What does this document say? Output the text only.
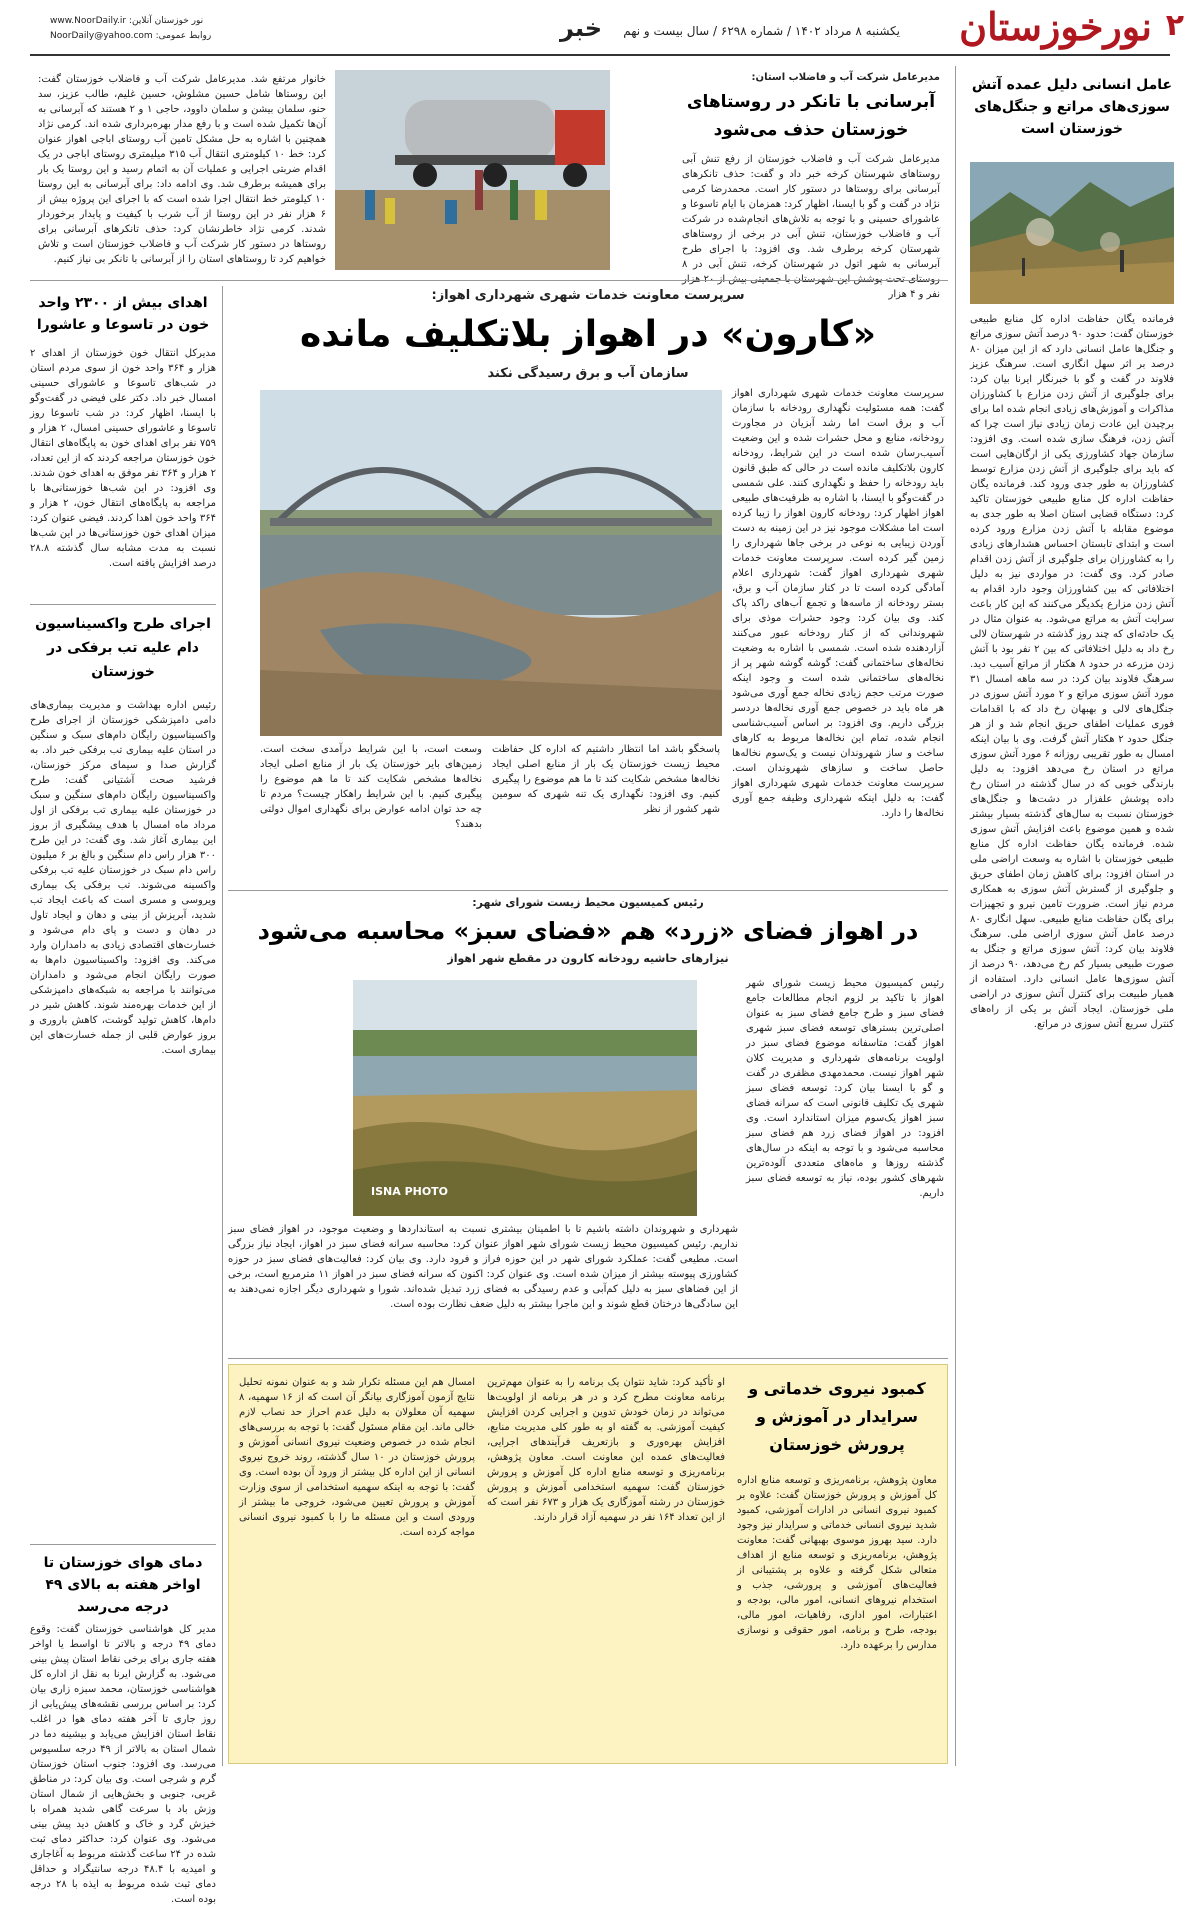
۲
نورخوزستان
یکشنبه ۸ مرداد ۱۴۰۲ / شماره ۶۲۹۸ / سال بیست و نهم
خبر
نور خوزستان آنلاین: www.NoorDaily.ir
روابط عمومی: NoorDaily@yahoo.com
عامل انسانی دلیل عمده آتش سوزی‌های مراتع و جنگل‌های خوزستان است
فرمانده یگان حفاظت اداره کل منابع طبیعی خوزستان گفت: حدود ۹۰ درصد آتش سوزی مراتع و جنگل‌ها عامل انسانی دارد که از این میزان ۸۰ درصد بر اثر سهل انگاری است. سرهنگ عزیز فلاوند در گفت و گو با خبرنگار ایرنا بیان کرد: برای جلوگیری از آتش زدن مزارع با کشاورزان مذاکرات و آموزش‌های زیادی انجام شده اما برای برچیدن این عادت زمان زیادی نیاز است چرا که آتش زدن، فرهنگ سازی شده است. وی افزود: سازمان جهاد کشاورزی یکی از ارگان‌هایی است که باید برای جلوگیری از آتش زدن مزارع توسط کشاورزان به طور جدی ورود کند. فرمانده یگان حفاظت اداره کل منابع طبیعی خوزستان تاکید کرد: دستگاه قضایی استان اصلا به طور جدی به موضوع مقابله با آتش زدن مزارع ورود کرده است و ابتدای تابستان احساس هشدارهای زیادی را به کشاورزان برای جلوگیری از آتش زدن اقدام صادر کرد. وی گفت: در مواردی نیز به دلیل اختلافاتی که بین کشاورزان وجود دارد اقدام به آتش زدن مزارع یکدیگر می‌کنند که این کار باعث سرایت آتش به مراتع می‌شود. به عنوان مثال در یک حادثه‌ای که چند روز گذشته در شهرستان لالی رخ داد به دلیل اختلافاتی که بین ۲ نفر بود با آتش زدن مزرعه در حدود ۸ هکتار از مراتع آسیب دید. سرهنگ فلاوند بیان کرد: در سه ماهه امسال ۳۱ مورد آتش سوزی مراتع و ۲ مورد آتش سوزی در جنگل‌های لالی و بهبهان رخ داد که با اقدامات فوری عملیات اطفای حریق انجام شد و از هر جنگل حدود ۲ هکتار آتش گرفت. وی با بیان اینکه امسال به طور تقریبی روزانه ۶ مورد آتش سوزی مراتع در استان رخ می‌دهد افزود: به دلیل بارندگی خوبی که در سال گذشته در استان رخ داده پوشش علفزار در دشت‌ها و جنگل‌های خوزستان نسبت به سال‌های گذشته بسیار بیشتر شده و همین موضوع باعث افزایش آتش سوزی شده. فرمانده یگان حفاظت اداره کل منابع طبیعی خوزستان با اشاره به وسعت اراضی ملی در استان افزود: برای کاهش زمان اطفای حریق و جلوگیری از گسترش آتش سوزی به همکاری مردم نیاز است. ضرورت تامین نیرو و تجهیزات برای یگان حفاظت منابع طبیعی. سهل انگاری ۸۰ درصد عامل آتش سوزی اراضی ملی. سرهنگ فلاوند بیان کرد: آتش سوزی مراتع و جنگل به صورت طبیعی بسیار کم رخ می‌دهد، ۹۰ درصد از آتش سوزی‌ها عامل انسانی دارد. استفاده از همیار طبیعت برای کنترل آتش سوزی در اراضی ملی خوزستان. ایجاد آتش بر یکی از راه‌های کنترل سریع آتش سوزی در مراتع.
مدیرعامل شرکت آب و فاضلاب استان:
آبرسانی با تانکر در روستاهای خوزستان حذف می‌شود
مدیرعامل شرکت آب و فاضلاب خوزستان از رفع تنش آبی روستاهای شهرستان کرخه خبر داد و گفت: حذف تانکرهای آبرسانی برای روستاها در دستور کار است. محمدرضا کرمی نژاد در گفت و گو با ایسنا، اظهار کرد: همزمان با ایام تاسوعا و عاشورای حسینی و با توجه به تلاش‌های انجام‌شده در شرکت آب و فاضلاب خوزستان، تنش آبی در برخی از روستاهای شهرستان کرخه برطرف شد. وی افزود: با اجرای طرح آبرسانی به شهر اتول در شهرستان کرخه، تنش آبی در ۸ نفر و ۴ هزار
خانوار مرتفع شد. مدیرعامل شرکت آب و فاضلاب خوزستان گفت: این روستاها شامل حسین مشلوش، حسین غلیم، طالب عزیز، سد حنو، سلمان بیشن و سلمان داوود، حاجی ۱ و ۲ هستند که آبرسانی به آن‌ها تکمیل شده است و با رفع مدار بهره‌برداری شده اند. کرمی نژاد همچنین با اشاره به حل مشکل تامین آب روستای اباجی اهواز عنوان کرد: خط ۱۰ کیلومتری انتقال آب ۳۱۵ میلیمتری روستای اباجی در یک اقدام ضربتی اجرایی و عملیات آن به اتمام رسید و این روستا یک بار برای همیشه برطرف شد. وی ادامه داد: برای آبرسانی به این روستا ۱۰ کیلومتر خط انتقال اجرا شده است که با اجرای این پروژه بیش از ۶ هزار نفر در این روستا از آب شرب با کیفیت و پایدار برخوردار شدند. کرمی نژاد خاطرنشان کرد: حذف تانکرهای آبرسانی برای روستاها در دستور کار شرکت آب و فاضلاب خوزستان است و تلاش خواهیم کرد تا روستاهای استان را از آبرسانی با تانکر بی نیاز کنیم.
اهدای بیش از ۲۳۰۰ واحد خون در تاسوعا و عاشورا
مدیرکل انتقال خون خوزستان از اهدای ۲ هزار و ۳۶۴ واحد خون از سوی مردم استان در شب‌های تاسوعا و عاشورای حسینی امسال خبر داد. دکتر علی فیضی در گفت‌وگو با ایسنا، اظهار کرد: در شب تاسوعا روز تاسوعا و عاشورای حسینی امسال، ۲ هزار و ۷۵۹ نفر برای اهدای خون به پایگاه‌های انتقال خون خوزستان مراجعه کردند که از این تعداد، ۲ هزار و ۳۶۴ نفر موفق به اهدای خون شدند. وی افزود: در این شب‌ها خوزستانی‌ها با مراجعه به پایگاه‌های انتقال خون، ۲ هزار و ۳۶۴ واحد خون اهدا کردند. فیضی عنوان کرد: میزان اهدای خون خوزستانی‌ها در این شب‌ها نسبت به مدت مشابه سال گذشته ۲۸.۸ درصد افزایش یافته است.
اجرای طرح واکسیناسیون دام علیه تب برفکی در خوزستان
رئیس اداره بهداشت و مدیریت بیماری‌های دامی دامپزشکی خوزستان از اجرای طرح واکسیناسیون رایگان دام‌های سبک و سنگین در استان علیه بیماری تب برفکی خبر داد. به گزارش صدا و سیمای مرکز خوزستان، فرشید صحت آشتیانی گفت: طرح واکسیناسیون رایگان دام‌های سنگین و سبک در خوزستان علیه بیماری تب برفکی از اول مرداد ماه امسال با هدف پیشگیری از بروز این بیماری آغاز شد. وی گفت: در این طرح ۳۰۰ هزار راس دام سنگین و بالغ بر ۶ میلیون راس دام سبک در خوزستان علیه تب برفکی واکسینه می‌شوند. تب برفکی یک بیماری ویروسی و مسری است که باعث ایجاد تب شدید، آبریزش از بینی و دهان و ایجاد تاول در دهان و دست و پای دام می‌شود و خسارت‌های اقتصادی زیادی به دامداران وارد می‌کند. وی افزود: واکسیناسیون دام‌ها به صورت رایگان انجام می‌شود و دامداران می‌توانند با مراجعه به شبکه‌های دامپزشکی از این خدمات بهره‌مند شوند. کاهش شیر در دام‌ها، کاهش تولید گوشت، کاهش باروری و بروز عوارض قلبی از جمله خسارت‌های این بیماری است.
دمای هوای خوزستان تا اواخر هفته به بالای ۴۹ درجه می‌رسد
مدیر کل هواشناسی خوزستان گفت: وقوع دمای ۴۹ درجه و بالاتر تا اواسط یا اواخر هفته جاری برای برخی نقاط استان پیش بینی می‌شود. به گزارش ایرنا به نقل از اداره کل هواشناسی خوزستان، محمد سبزه زاری بیان کرد: بر اساس بررسی نقشه‌های پیش‌یابی از روز جاری تا آخر هفته دمای هوا در اغلب نقاط استان افزایش می‌یابد و بیشینه دما در شمال استان به بالاتر از ۴۹ درجه سلسیوس می‌رسد. وی افزود: جنوب استان خوزستان گرم و شرجی است. وی بیان کرد: در مناطق غربی، جنوبی و بخش‌هایی از شمال استان وزش باد با سرعت گاهی شدید همراه با خیزش گرد و خاک و کاهش دید پیش بینی می‌شود. وی عنوان کرد: حداکثر دمای ثبت شده در ۲۴ ساعت گذشته مربوط به آغاجاری و امیدیه با ۴۸.۴ درجه سانتیگراد و حداقل دمای ثبت شده مربوط به ایذه با ۲۸ درجه بوده است.
سرپرست معاونت خدمات شهری شهرداری اهواز:
«کارون» در اهواز بلاتکلیف مانده
سازمان آب و برق رسیدگی نکند
سرپرست معاونت خدمات شهری شهرداری اهواز گفت: همه مسئولیت نگهداری رودخانه با سازمان آب و برق است اما رشد آبزیان در مجاورت رودخانه، منابع و محل حشرات شده و این وضعیت آسیب‌رسان شده است در این شرایط، رودخانه کارون بلاتکلیف مانده است در حالی که طبق قانون باید رودخانه را حفظ و نگهداری کنند. علی شمسی در گفت‌وگو با ایسنا، با اشاره به ظرفیت‌های طبیعی اهواز اظهار کرد: رودخانه کارون اهواز را زیبا کرده است اما مشکلات موجود نیز در این زمینه به دست آوردن زیبایی به نوعی در برخی جاها شهرداری را زمین گیر کرده است. سرپرست معاونت خدمات شهری شهرداری اهواز گفت: شهرداری اعلام آمادگی کرده است تا در کنار سازمان آب و برق، بستر رودخانه از ماسه‌ها و تجمع آب‌های راکد پاک کند. وی بیان کرد: وجود حشرات موذی برای شهروندانی که از کنار رودخانه عبور می‌کنند آزاردهنده شده است. شمسی با اشاره به وضعیت نخاله‌های ساختمانی گفت: گوشه گوشه شهر پر از نخاله‌های ساختمانی شده است و وجود اینکه صورت مرتب حجم زیادی نخاله جمع آوری می‌شود هر ماه باید در خصوص جمع آوری نخاله‌ها دردسر بزرگی داریم. وی افزود: بر اساس آسیب‌شناسی انجام شده، تمام این نخاله‌ها مربوط به کارهای ساخت و ساز شهروندان نیست و یک‌سوم نخاله‌ها حاصل ساخت و سازهای شهروندان است. سرپرست معاونت خدمات شهری شهرداری اهواز گفت: به دلیل اینکه شهرداری وظیفه جمع آوری نخاله‌ها را دارد.
پاسخگو باشد اما انتظار داشتیم که اداره کل حفاظت محیط زیست خوزستان یک بار از منابع اصلی ایجاد نخاله‌ها مشخص شکایت کند تا ما هم موضوع را پیگیری کنیم. وی افزود: نگهداری یک تنه شهری که سومین شهر کشور از نظر
وسعت است، با این شرایط درآمدی سخت است. زمین‌های بایر خوزستان یک بار از منابع اصلی ایجاد نخاله‌ها مشخص شکایت کند تا ما هم موضوع را پیگیری کنیم. با این شرایط راهکار چیست؟ مردم تا چه حد توان ادامه عوارض برای نگهداری اموال دولتی بدهند؟
رئیس کمیسیون محیط زیست شورای شهر:
در اهواز فضای «زرد» هم «فضای سبز» محاسبه می‌شود
نیزارهای حاشیه رودخانه کارون در مقطع شهر اهواز
رئیس کمیسیون محیط زیست شورای شهر اهواز با تاکید بر لزوم انجام مطالعات جامع فضای سبز و طرح جامع فضای سبز به عنوان اصلی‌ترین بسترهای توسعه فضای سبز شهری اهواز گفت: متاسفانه موضوع فضای سبز در اولویت برنامه‌های شهرداری و مدیریت کلان شهر اهواز نیست. محمدمهدی مظفری در گفت و گو با ایسنا بیان کرد: توسعه فضای سبز شهری یک تکلیف قانونی است که سرانه فضای سبز اهواز یک‌سوم میزان استاندارد است. وی افزود: در اهواز فضای زرد هم فضای سبز محاسبه می‌شود و با توجه به اینکه در سال‌های گذشته روزها و ماه‌های متعددی آلوده‌ترین شهرهای کشور بوده، نیاز به توسعه فضای سبز داریم.
ISNA PHOTO
شهرداری و شهروندان داشته باشیم تا با اطمینان بیشتری نسبت به استانداردها و وضعیت موجود، در اهواز فضای سبز نداریم. رئیس کمیسیون محیط زیست شورای شهر اهواز عنوان کرد: محاسبه سرانه فضای سبز در اهواز، ایجاد نیاز بزرگی است. مطیعی گفت: عملکرد شورای شهر در این حوزه فراز و فرود دارد. وی بیان کرد: فعالیت‌های فضای سبز در حوزه کشاورزی پیوسته بیشتر از میزان شده است. وی عنوان کرد: اکنون که سرانه فضای سبز در اهواز ۱۱ مترمربع است، برخی از این فضاهای سبز به دلیل کم‌آبی و عدم رسیدگی به فضای زرد تبدیل شده‌اند. شورا و شهرداری دیگر اجازه نمی‌دهند به این سادگی‌ها درختان قطع شوند و این ماجرا بیشتر به دلیل ضعف نظارت بوده است.
کمبود نیروی خدماتی و سرایدار در آموزش و پرورش خوزستان
معاون پژوهش، برنامه‌ریزی و توسعه منابع اداره کل آموزش و پرورش خوزستان گفت: علاوه بر کمبود نیروی انسانی در ادارات آموزشی، کمبود شدید نیروی انسانی خدماتی و سرایدار نیز وجود دارد. سید بهروز موسوی بهبهانی گفت: معاونت پژوهش، برنامه‌ریزی و توسعه منابع از اهداف متعالی شکل گرفته و علاوه بر پشتیبانی از فعالیت‌های آموزشی و پرورشی، جذب و استخدام نیروهای انسانی، امور مالی، بودجه و اعتبارات، امور اداری، رفاهیات، امور مالی، بودجه، طرح و برنامه، امور حقوقی و نوسازی مدارس را برعهده دارد.
او تأکید کرد: شاید نتوان یک برنامه را به عنوان مهم‌ترین برنامه معاونت مطرح کرد و در هر برنامه از اولویت‌ها می‌تواند در زمان خودش تدوین و اجرایی کردن افزایش کیفیت آموزشی. به گفته او به طور کلی مدیریت منابع، افزایش بهره‌وری و بازتعریف فرآیندهای اجرایی، فعالیت‌های عمده این معاونت است. معاون پژوهش، برنامه‌ریزی و توسعه منابع اداره کل آموزش و پرورش خوزستان گفت: سهمیه استخدامی آموزش و پرورش خوزستان در رشته آموزگاری یک هزار و ۶۷۳ نفر است که از این تعداد ۱۶۴ نفر در سهمیه آزاد قرار دارند.
امسال هم این مسئله تکرار شد و به عنوان نمونه تحلیل نتایج آزمون آموزگاری بیانگر آن است که از ۱۶ سهمیه، ۸ سهمیه آن معلولان به دلیل عدم احراز حد نصاب لازم خالی ماند. این مقام مسئول گفت: با توجه به بررسی‌های انجام شده در خصوص وضعیت نیروی انسانی آموزش و پرورش خوزستان در ۱۰ سال گذشته، روند خروج نیروی انسانی از این اداره کل بیشتر از ورود آن بوده است. وی گفت: با توجه به اینکه سهمیه استخدامی از سوی وزارت آموزش و پرورش تعیین می‌شود، خروجی ما بیشتر از ورودی است و این مسئله ما را با کمبود نیروی انسانی مواجه کرده است.
